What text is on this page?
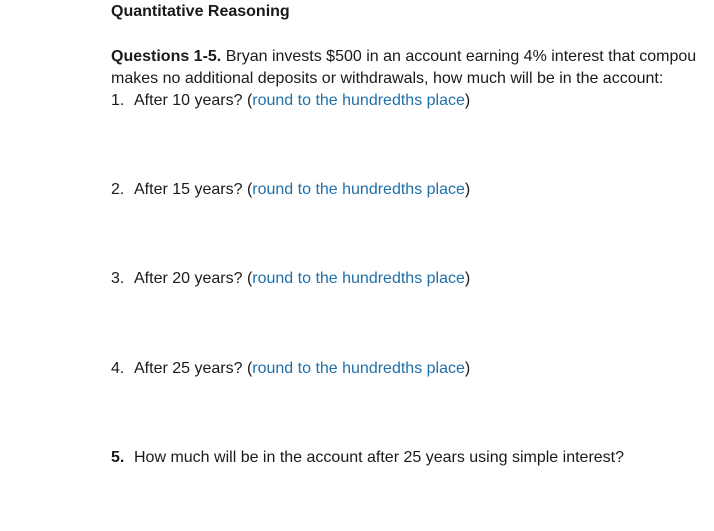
Quantitative Reasoning
Questions 1-5. Bryan invests $500 in an account earning 4% interest that compou
makes no additional deposits or withdrawals, how much will be in the account:
1. After 10 years? (round to the hundredths place)
2. After 15 years? (round to the hundredths place)
3. After 20 years? (round to the hundredths place)
4. After 25 years? (round to the hundredths place)
5. How much will be in the account after 25 years using simple interest?
